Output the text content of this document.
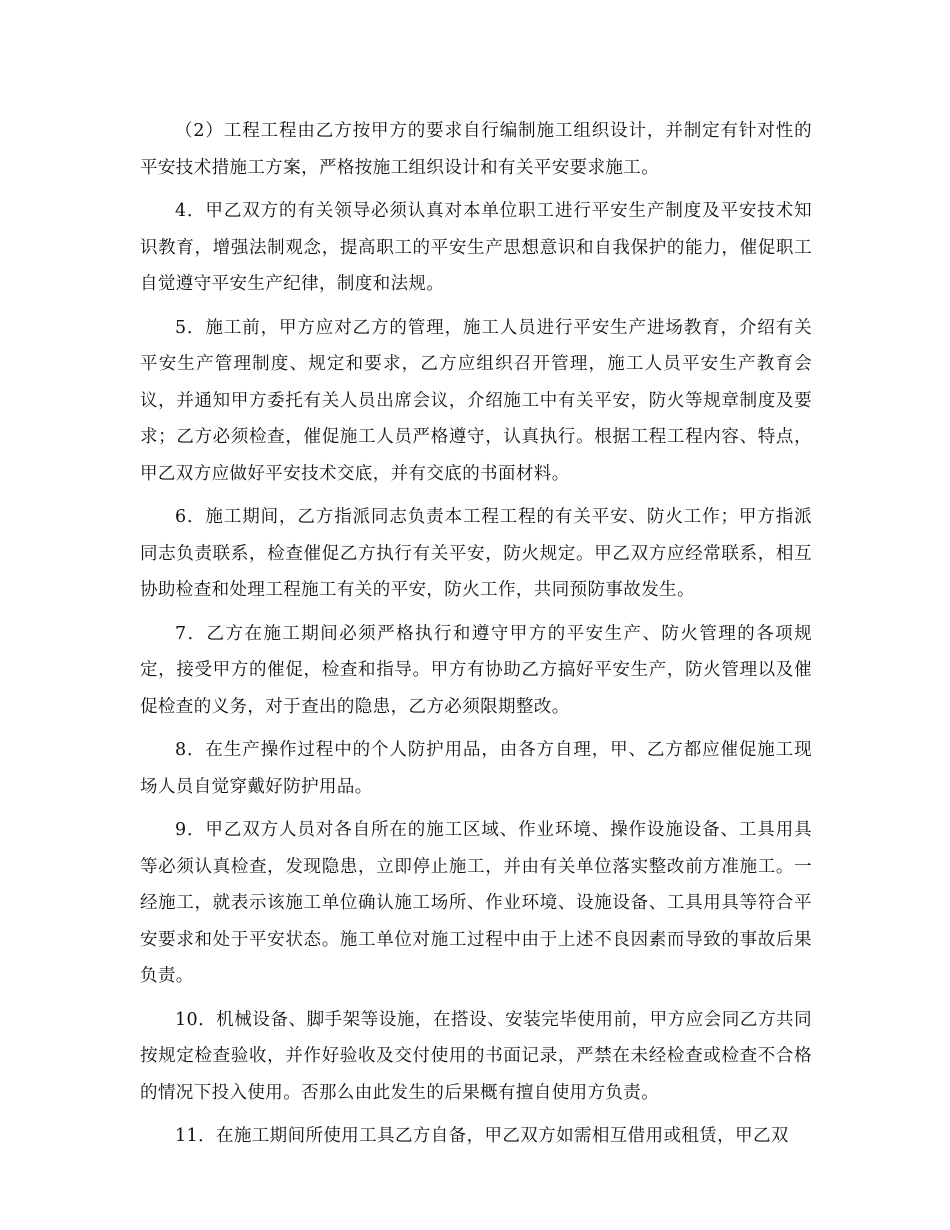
（2）工程工程由乙方按甲方的要求自行编制施工组织设计，并制定有针对性的平安技术措施工方案，严格按施工组织设计和有关平安要求施工。

4．甲乙双方的有关领导必须认真对本单位职工进行平安生产制度及平安技术知识教育，增强法制观念，提高职工的平安生产思想意识和自我保护的能力，催促职工自觉遵守平安生产纪律，制度和法规。

5．施工前，甲方应对乙方的管理，施工人员进行平安生产进场教育，介绍有关平安生产管理制度、规定和要求，乙方应组织召开管理，施工人员平安生产教育会议，并通知甲方委托有关人员出席会议，介绍施工中有关平安，防火等规章制度及要求；乙方必须检查，催促施工人员严格遵守，认真执行。根据工程工程内容、特点，甲乙双方应做好平安技术交底，并有交底的书面材料。

6．施工期间，乙方指派同志负责本工程工程的有关平安、防火工作；甲方指派同志负责联系，检查催促乙方执行有关平安，防火规定。甲乙双方应经常联系，相互协助检查和处理工程施工有关的平安，防火工作，共同预防事故发生。

7．乙方在施工期间必须严格执行和遵守甲方的平安生产、防火管理的各项规定，接受甲方的催促，检查和指导。甲方有协助乙方搞好平安生产，防火管理以及催促检查的义务，对于查出的隐患，乙方必须限期整改。

8．在生产操作过程中的个人防护用品，由各方自理，甲、乙方都应催促施工现场人员自觉穿戴好防护用品。

9．甲乙双方人员对各自所在的施工区域、作业环境、操作设施设备、工具用具等必须认真检查，发现隐患，立即停止施工，并由有关单位落实整改前方准施工。一经施工，就表示该施工单位确认施工场所、作业环境、设施设备、工具用具等符合平安要求和处于平安状态。施工单位对施工过程中由于上述不良因素而导致的事故后果负责。

10．机械设备、脚手架等设施，在搭设、安装完毕使用前，甲方应会同乙方共同按规定检查验收，并作好验收及交付使用的书面记录，严禁在未经检查或检查不合格的情况下投入使用。否那么由此发生的后果概有擅自使用方负责。

11．在施工期间所使用工具乙方自备，甲乙双方如需相互借用或租赁，甲乙双
